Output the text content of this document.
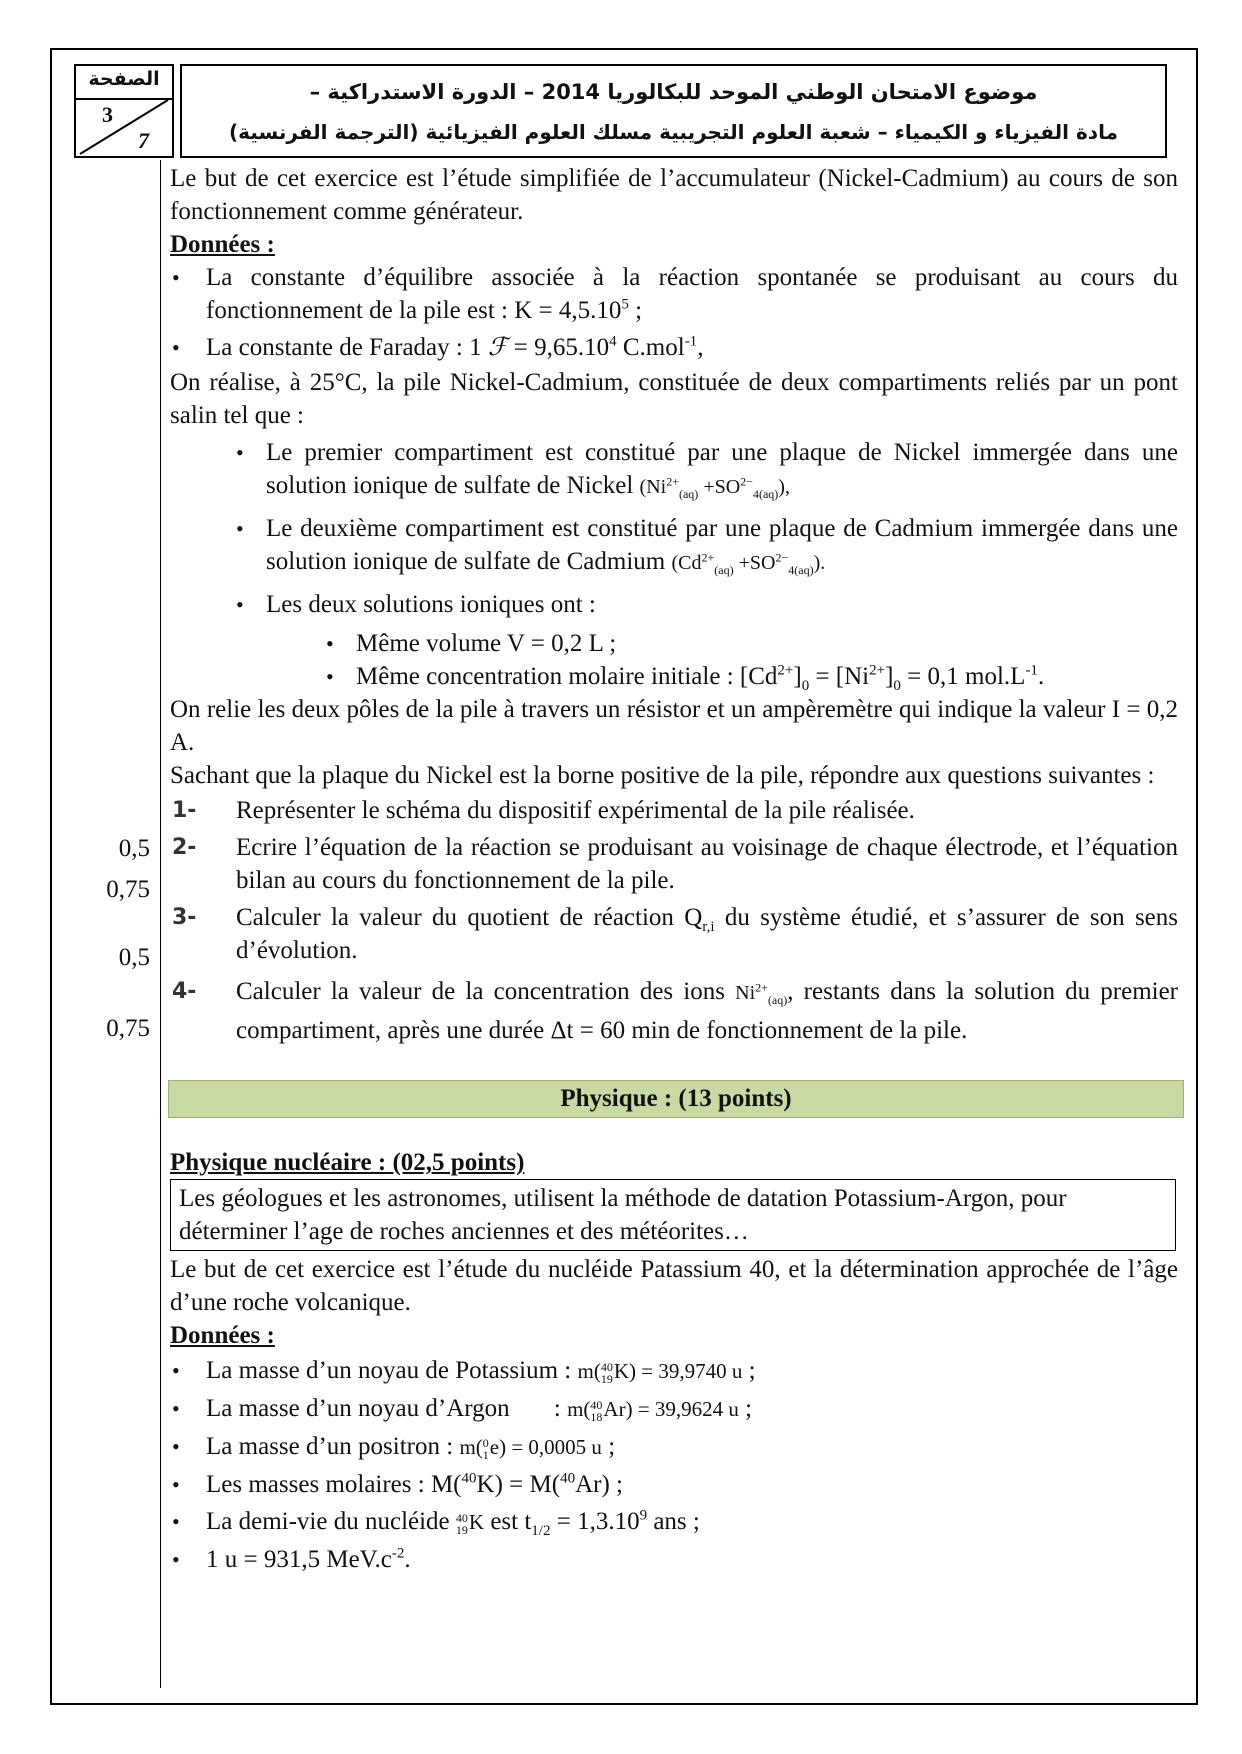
الصفحة
3
7
موضوع الامتحان الوطني الموحد للبكالوريا 2014 – الدورة الاستدراكية –
مادة الفيزياء و الكيمياء – شعبة العلوم التجريبية مسلك العلوم الفيزيائية (الترجمة الفرنسية)
0,5
0,75
0,5
0,75

Le but de cet exercice est l’étude simplifiée de l’accumulateur (Nickel-Cadmium) au cours de son fonctionnement comme générateur.

Données :

• La constante d’équilibre associée à la réaction spontanée se produisant au cours du fonctionnement de la pile est : $K = 4,5.10^5$ ;
• La constante de Faraday : 1 ℱ = $9,65.10^4$ C.mol$^{-1}$,

On réalise, à 25°C, la pile Nickel-Cadmium, constituée de deux compartiments reliés par un pont salin tel que :

• Le premier compartiment est constitué par une plaque de Nickel immergée dans une solution ionique de sulfate de Nickel $(Ni^{2+}_{(aq)} +SO^{2-}_{4(aq)})$,
• Le deuxième compartiment est constitué par une plaque de Cadmium immergée dans une solution ionique de sulfate de Cadmium $(Cd^{2+}_{(aq)} +SO^{2-}_{4(aq)})$.
• Les deux solutions ioniques ont :
• Même volume V = 0,2 L ;
• Même concentration molaire initiale : $[Cd^{2+}]_0 = [Ni^{2+}]_0 = 0,1$ $mol.L^{-1}$.

On relie les deux pôles de la pile à travers un résistor et un ampèremètre qui indique la valeur I = 0,2 A.

Sachant que la plaque du Nickel est la borne positive de la pile, répondre aux questions suivantes :

1- Représenter le schéma du dispositif expérimental de la pile réalisée.
2- Ecrire l’équation de la réaction se produisant au voisinage de chaque électrode, et l’équation bilan au cours du fonctionnement de la pile.
3- Calculer la valeur du quotient de réaction $Q_{r,i}$ du système étudié, et s’assurer de son sens d’évolution.
4- Calculer la valeur de la concentration des ions $Ni^{2+}_{(aq)}$, restants dans la solution du premier compartiment, après une durée Δt = 60 min de fonctionnement de la pile.
Physique : (13 points)

Physique nucléaire : (02,5 points)

Les géologues et les astronomes, utilisent la méthode de datation Potassium-Argon, pour déterminer l’age de roches anciennes et des météorites…

Le but de cet exercice est l’étude du nucléide Patassium 40, et la détermination approchée de l’âge d’une roche volcanique.

Données :

• La masse d’un noyau de Potassium : m( 40
19 K) = 39,9740 u ;
• La masse d’un noyau d’Argon : m( 40
18 Ar) = 39,9624 u ;
• La masse d’un positron : m( 0
1 e) = 0,0005 u ;
• Les masses molaires : M($^{40}$K) = M($^{40}$Ar) ;
• La demi-vie du nucléide 40
19 K est $t_{1/2} = 1,3.10^9$ ans ;
• 1 u = 931,5 $MeV.c^{-2}$.
